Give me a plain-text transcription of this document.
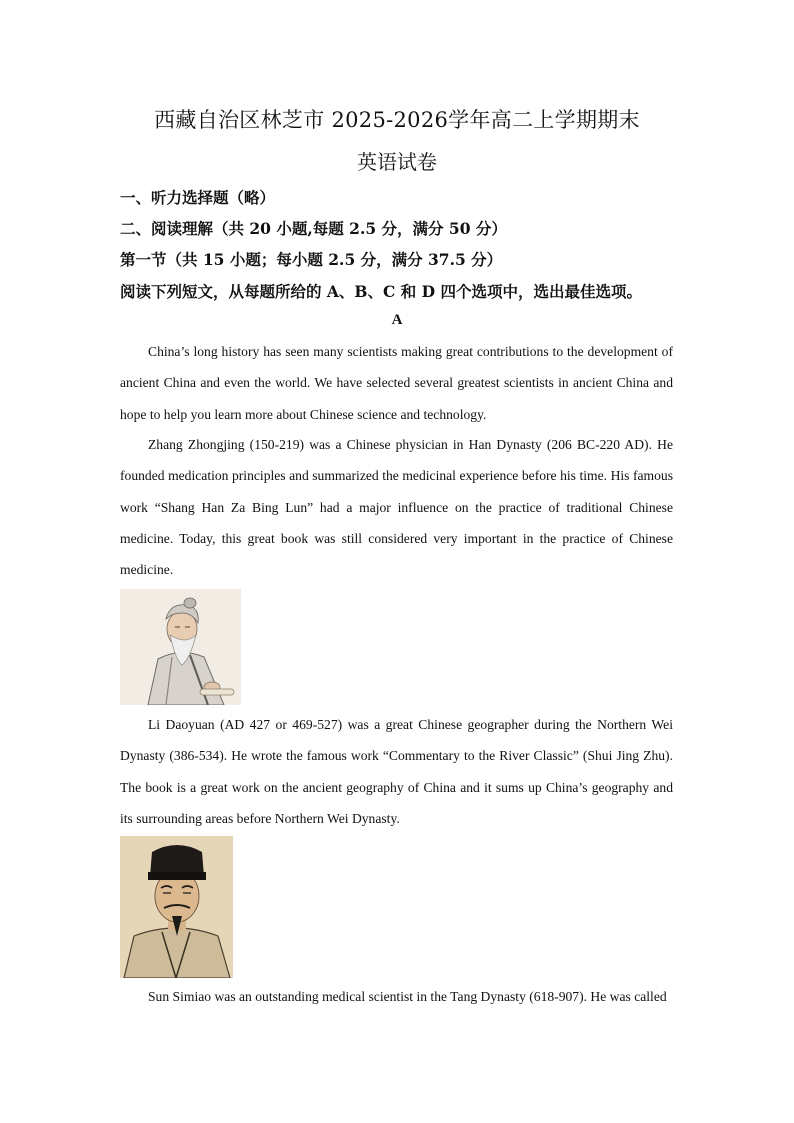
西藏自治区林芝市 2025-2026学年高二上学期期末
英语试卷
一、听力选择题（略）
二、阅读理解（共 20 小题,每题 2.5 分，满分 50 分）
第一节（共 15 小题；每小题 2.5 分，满分 37.5 分）
阅读下列短文，从每题所给的 A、B、C 和 D 四个选项中，选出最佳选项。
A

China’s long history has seen many scientists making great contributions to the development of ancient China and even the world. We have selected several greatest scientists in ancient China and hope to help you learn more about Chinese science and technology.

Zhang Zhongjing (150-219) was a Chinese physician in Han Dynasty (206 BC-220 AD). He founded medication principles and summarized the medicinal experience before his time. His famous work “Shang Han Za Bing Lun” had a major influence on the practice of traditional Chinese medicine. Today, this great book was still considered very important in the practice of Chinese medicine.

Li Daoyuan (AD 427 or 469-527) was a great Chinese geographer during the Northern Wei Dynasty (386-534). He wrote the famous work “Commentary to the River Classic” (Shui Jing Zhu). The book is a great work on the ancient geography of China and it sums up China’s geography and its surrounding areas before Northern Wei Dynasty.

Sun Simiao was an outstanding medical scientist in the Tang Dynasty (618-907). He was called
